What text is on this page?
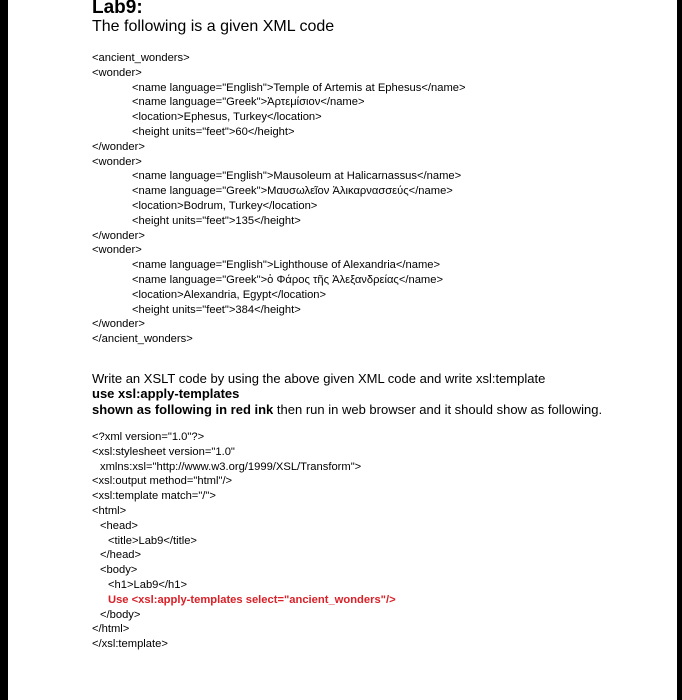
Lab9:
The following is a given XML code
<ancient_wonders>
<wonder>
<name language="English">Temple of Artemis at Ephesus</name>
<name language="Greek">Ἀρτεμίσιον</name>
<location>Ephesus, Turkey</location>
<height units="feet">60</height>
</wonder>
<wonder>
<name language="English">Mausoleum at Halicarnassus</name>
<name language="Greek">Μαυσωλεῖον Ἁλικαρνασσεύς</name>
<location>Bodrum, Turkey</location>
<height units="feet">135</height>
</wonder>
<wonder>
<name language="English">Lighthouse of Alexandria</name>
<name language="Greek">ὁ Φάρος τῆς Ἀλεξανδρείας</name>
<location>Alexandria, Egypt</location>
<height units="feet">384</height>
</wonder>
</ancient_wonders>
Write an XSLT code by using the above given XML code and write xsl:template
use xsl:apply-templates
shown as following in red ink then run in web browser and it should show as following.
<?xml version="1.0"?>
<xsl:stylesheet version="1.0"
xmlns:xsl="http://www.w3.org/1999/XSL/Transform">
<xsl:output method="html"/>
<xsl:template match="/">
<html>
<head>
<title>Lab9</title>
</head>
<body>
<h1>Lab9</h1>
Use <xsl:apply-templates select="ancient_wonders"/>
</body>
</html>
</xsl:template>
